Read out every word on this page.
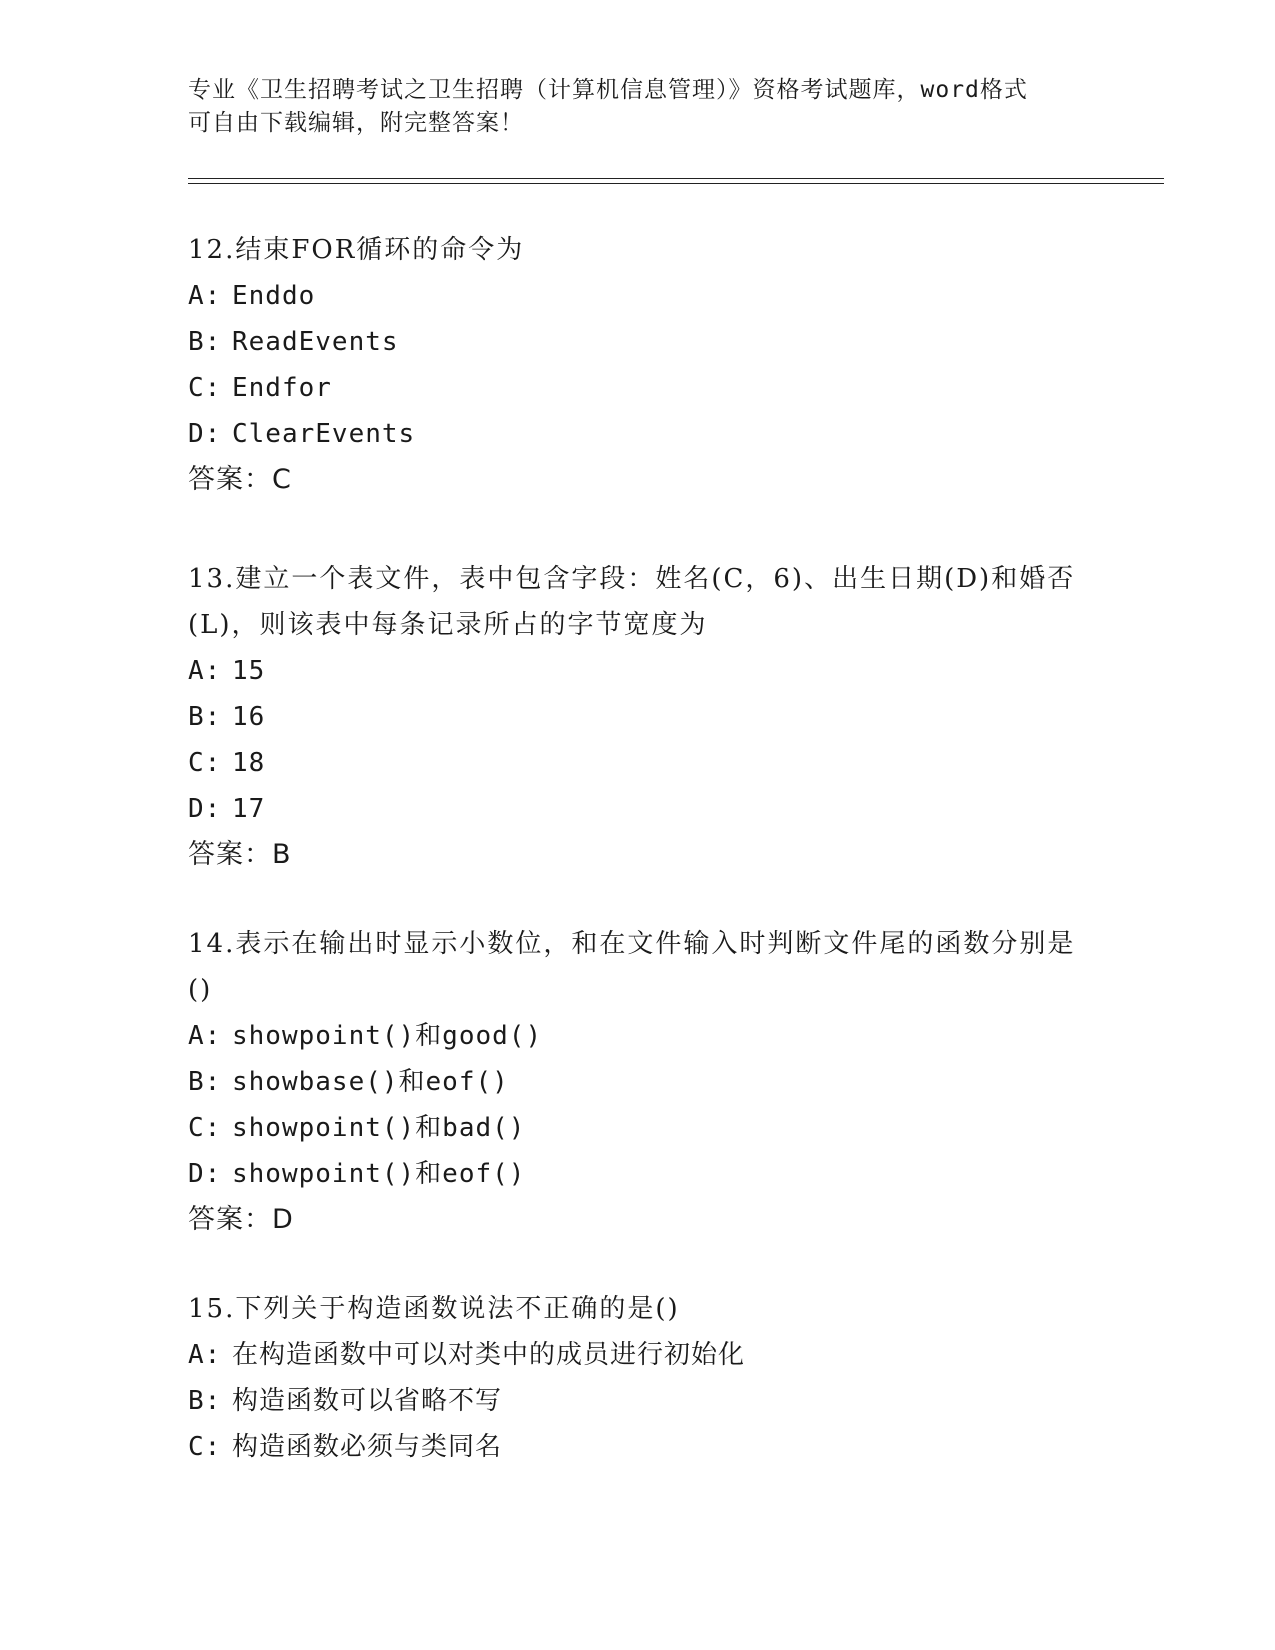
专业《卫生招聘考试之卫生招聘（计算机信息管理）》资格考试题库，word格式
可自由下载编辑，附完整答案！
12.结束FOR循环的命令为
A: Enddo
B: ReadEvents
C: Endfor
D: ClearEvents
答案：C
13.建立一个表文件，表中包含字段：姓名(C，6)、出生日期(D)和婚否(L)，则该表中每条记录所占的字节宽度为
A: 15
B: 16
C: 18
D: 17
答案：B
14.表示在输出时显示小数位，和在文件输入时判断文件尾的函数分别是()
A: showpoint()和good()
B: showbase()和eof()
C: showpoint()和bad()
D: showpoint()和eof()
答案：D
15.下列关于构造函数说法不正确的是()
A: 在构造函数中可以对类中的成员进行初始化
B: 构造函数可以省略不写
C: 构造函数必须与类同名
